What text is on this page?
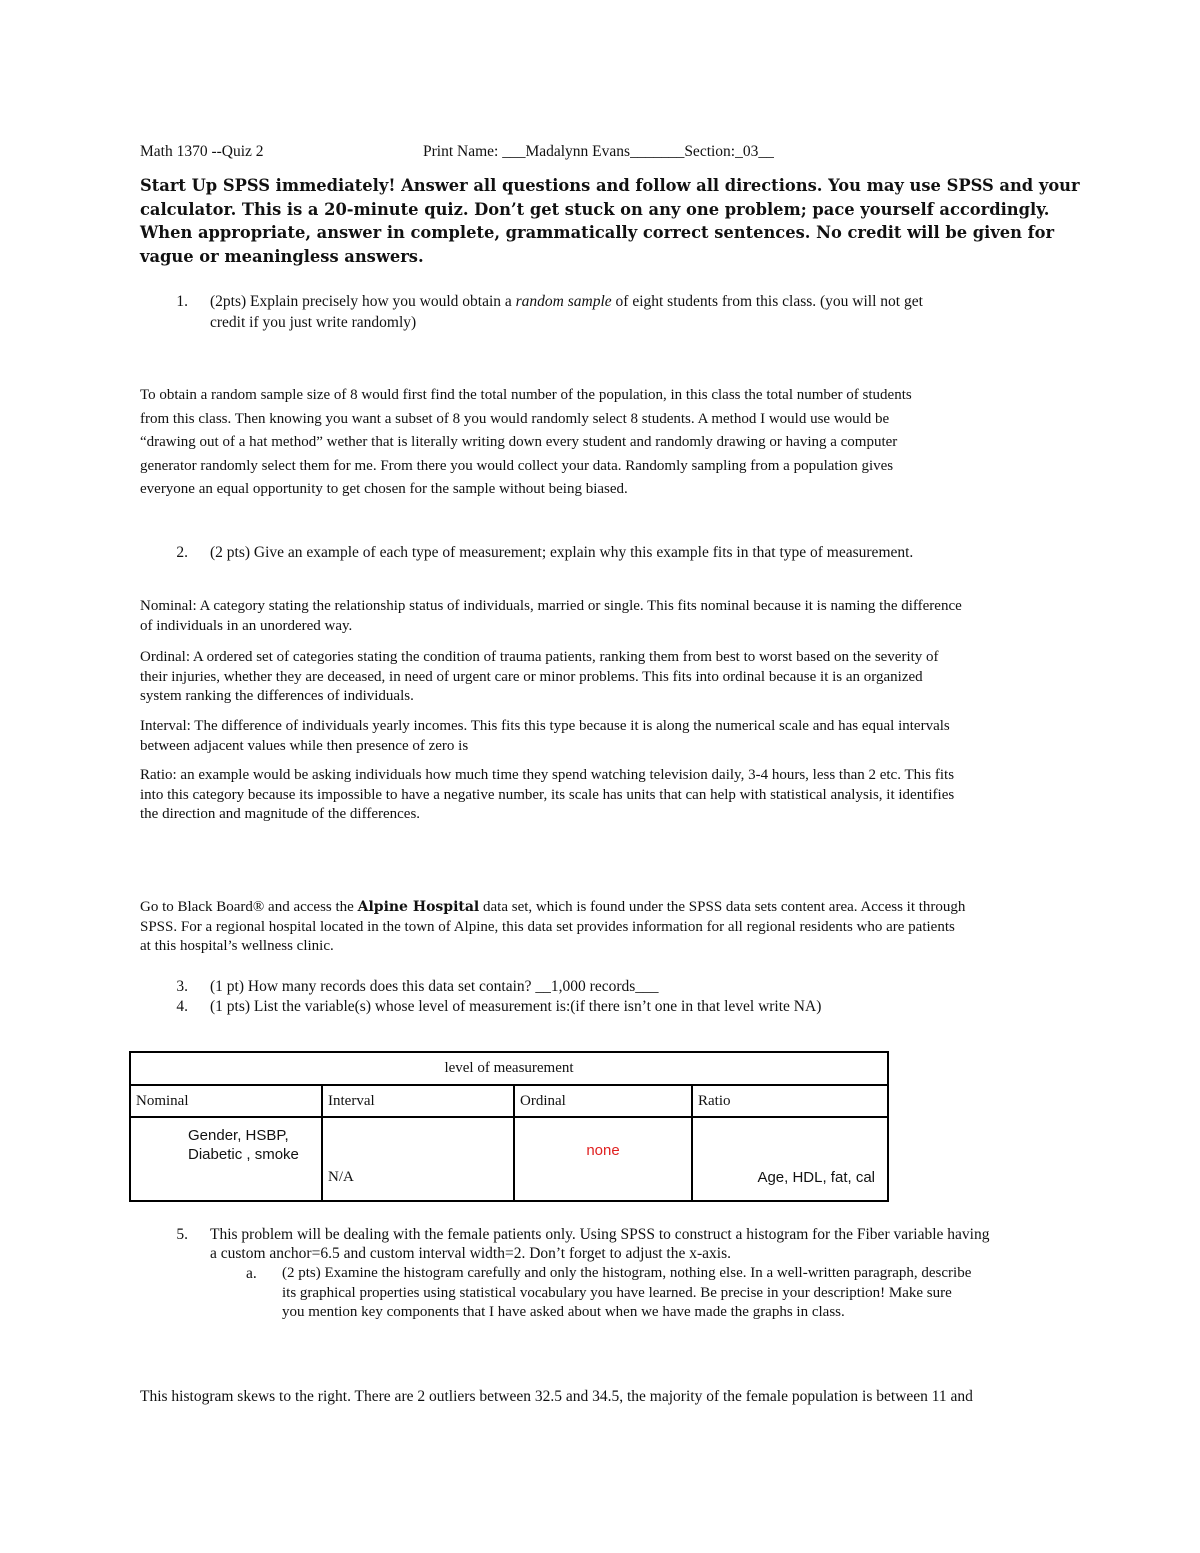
Math 1370 --Quiz 2	Print Name: ___Madalynn Evans_______Section:_03__

Start Up SPSS immediately! Answer all questions and follow all directions. You may use SPSS and your

calculator. This is a 20-minute quiz. Don’t get stuck on any one problem; pace yourself accordingly.

When appropriate, answer in complete, grammatically correct sentences. No credit will be given for

vague or meaningless answers.

1. (2pts) Explain precisely how you would obtain a random sample of eight students from this class. (you will not get
credit if you just write randomly)

To obtain a random sample size of 8 would first find the total number of the population, in this class the total number of students

from this class. Then knowing you want a subset of 8 you would randomly select 8 students. A method I would use would be

“drawing out of a hat method” wether that is literally writing down every student and randomly drawing or having a computer

generator randomly select them for me. From there you would collect your data. Randomly sampling from a population gives

everyone an equal opportunity to get chosen for the sample without being biased.

2. (2 pts) Give an example of each type of measurement; explain why this example fits in that type of measurement.

Nominal: A category stating the relationship status of individuals, married or single. This fits nominal because it is naming the difference

of individuals in an unordered way.

Ordinal: A ordered set of categories stating the condition of trauma patients, ranking them from best to worst based on the severity of

their injuries, whether they are deceased, in need of urgent care or minor problems. This fits into ordinal because it is an organized

system ranking the differences of individuals.

Interval: The difference of individuals yearly incomes. This fits this type because it is along the numerical scale and has equal intervals

between adjacent values while then presence of zero is

Ratio: an example would be asking individuals how much time they spend watching television daily, 3-4 hours, less than 2 etc. This fits

into this category because its impossible to have a negative number, its scale has units that can help with statistical analysis, it identifies

the direction and magnitude of the differences.

Go to Black Board® and access the Alpine Hospital data set, which is found under the SPSS data sets content area. Access it through

SPSS. For a regional hospital located in the town of Alpine, this data set provides information for all regional residents who are patients

at this hospital’s wellness clinic.

3. (1 pt) How many records does this data set contain? __1,000 records___
4. (1 pts) List the variable(s) whose level of measurement is:(if there isn’t one in that level write NA)
level of measurement			
Nominal	Interval	Ordinal	Ratio

Gender, HSBP,
Diabetic , smoke	N/A	none	Age, HDL, fat, cal
5. This problem will be dealing with the female patients only. Using SPSS to construct a histogram for the Fiber variable having
a custom anchor=6.5 and custom interval width=2. Don’t forget to adjust the x-axis.
a. (2 pts) Examine the histogram carefully and only the histogram, nothing else. In a well-written paragraph, describe

its graphical properties using statistical vocabulary you have learned. Be precise in your description! Make sure

you mention key components that I have asked about when we have made the graphs in class.

This histogram skews to the right. There are 2 outliers between 32.5 and 34.5, the majority of the female population is between 11 and
